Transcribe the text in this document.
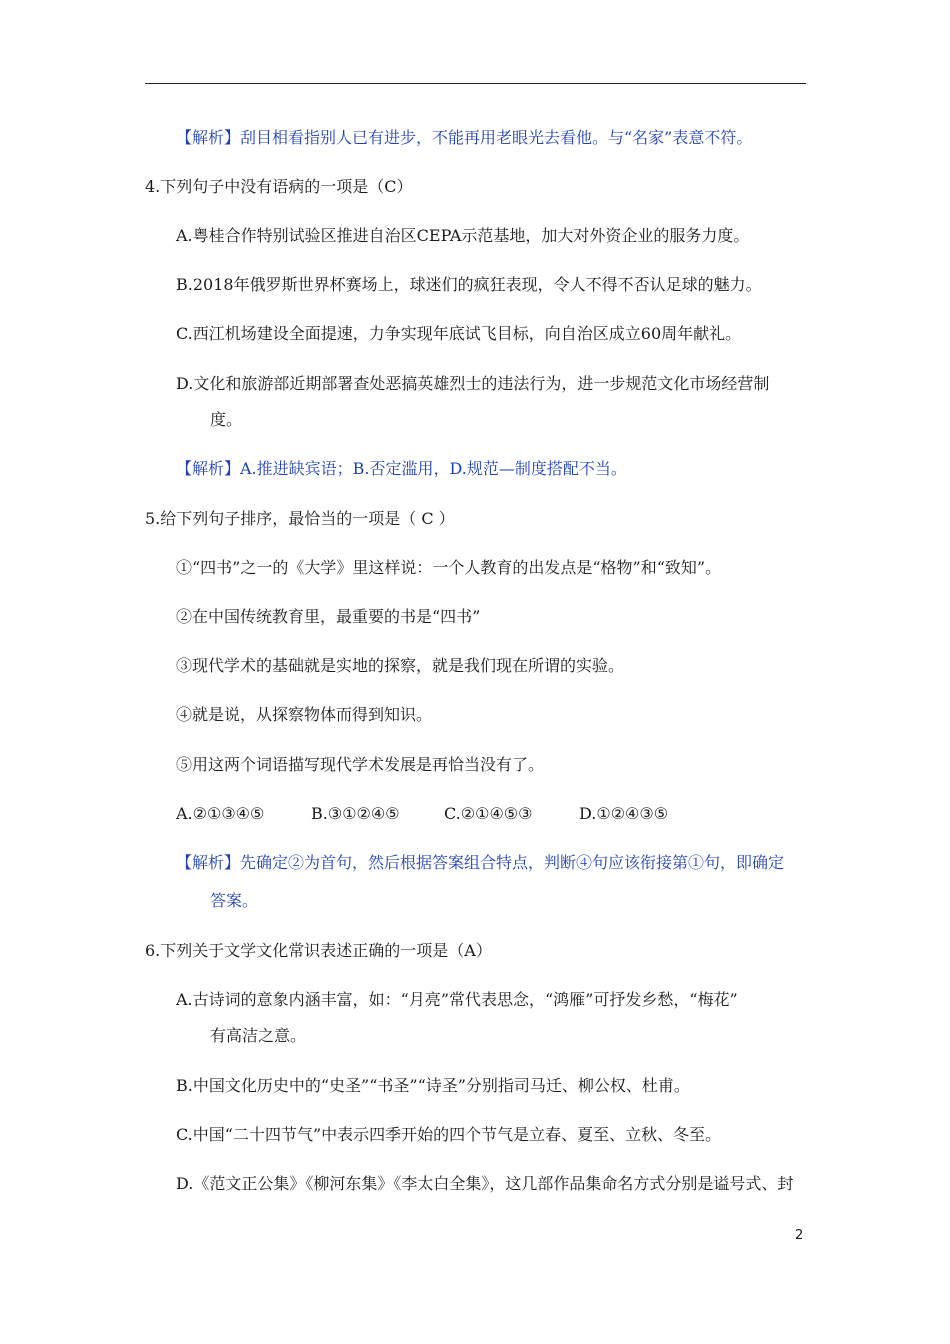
【解析】刮目相看指别人已有进步，不能再用老眼光去看他。与“名家”表意不符。
4.下列句子中没有语病的一项是（C）
A.粤桂合作特别试验区推进自治区CEPA示范基地，加大对外资企业的服务力度。
B.2018年俄罗斯世界杯赛场上，球迷们的疯狂表现，令人不得不否认足球的魅力。
C.西江机场建设全面提速，力争实现年底试飞目标，向自治区成立60周年献礼。
D.文化和旅游部近期部署查处恶搞英雄烈士的违法行为，进一步规范文化市场经营制
度。
【解析】A.推进缺宾语；B.否定滥用，D.规范—制度搭配不当。
5.给下列句子排序，最恰当的一项是（ C ）
①“四书”之一的《大学》里这样说：一个人教育的出发点是“格物”和“致知”。
②在中国传统教育里，最重要的书是“四书”
③现代学术的基础就是实地的探察，就是我们现在所谓的实验。
④就是说，从探察物体而得到知识。
⑤用这两个词语描写现代学术发展是再恰当没有了。
A.②①③④⑤	B.③①②④⑤	C.②①④⑤③	D.①②④③⑤
【解析】先确定②为首句，然后根据答案组合特点，判断④句应该衔接第①句，即确定
答案。
6.下列关于文学文化常识表述正确的一项是（A）
A.古诗词的意象内涵丰富，如：“月亮”常代表思念，“鸿雁”可抒发乡愁，“梅花”
有高洁之意。
B.中国文化历史中的“史圣”“书圣”“诗圣”分别指司马迁、柳公权、杜甫。
C.中国“二十四节气”中表示四季开始的四个节气是立春、夏至、立秋、冬至。
D.《范文正公集》《柳河东集》《李太白全集》，这几部作品集命名方式分别是谥号式、封
2
